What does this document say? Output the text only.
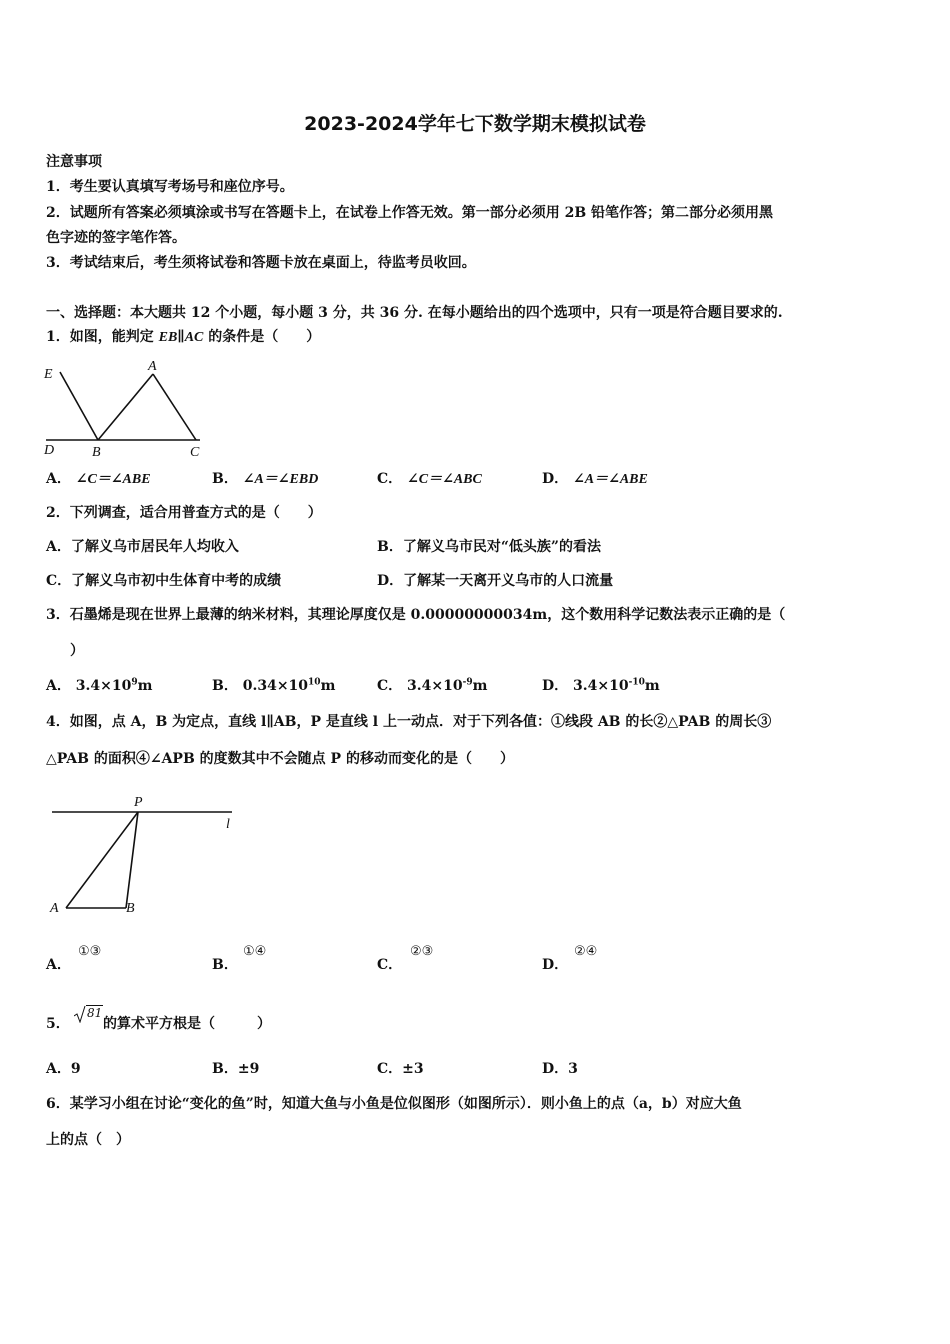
2023-2024学年七下数学期末模拟试卷
注意事项
1．考生要认真填写考场号和座位序号。
2．试题所有答案必须填涂或书写在答题卡上，在试卷上作答无效。第一部分必须用 2B 铅笔作答；第二部分必须用黑
色字迹的签字笔作答。
3．考试结束后，考生须将试卷和答题卡放在桌面上，待监考员收回。
一、选择题：本大题共 12 个小题，每小题 3 分，共 36 分. 在每小题给出的四个选项中，只有一项是符合题目要求的.
1．如图，能判定 EB∥AC 的条件是（　　）
E
A
D	B	C
A． ∠C＝∠ABE	B． ∠A＝∠EBD	C． ∠C＝∠ABC	D． ∠A＝∠ABE
2．下列调查，适合用普查方式的是（　　）
A．了解义乌市居民年人均收入	B．了解义乌市民对“低头族”的看法
C．了解义乌市初中生体育中考的成绩	D．了解某一天离开义乌市的人口流量
3．石墨烯是现在世界上最薄的纳米材料，其理论厚度仅是 0.00000000034m，这个数用科学记数法表示正确的是（
）
A． $3.4\times 10^9m$	B． $0.34\times 10^{10}m$	C． $3.4\times 10^{-9}m$	D． $3.4\times 10^{-10}m$
4．如图，点 A，B 为定点，直线 l∥AB，P 是直线 l 上一动点．对于下列各值：①线段 AB 的长②△PAB 的周长③
△PAB 的面积④∠APB 的度数其中不会随点 P 的移动而变化的是（　　）
P
l
A	B
A．
①③
B．
①④
C．
②③
D．
②④
5．
81
的算术平方根是（　　　）
A．9	B．±9	C．±3	D．3
6．某学习小组在讨论“变化的鱼”时，知道大鱼与小鱼是位似图形（如图所示）．则小鱼上的点（a，b）对应大鱼
上的点（　）
